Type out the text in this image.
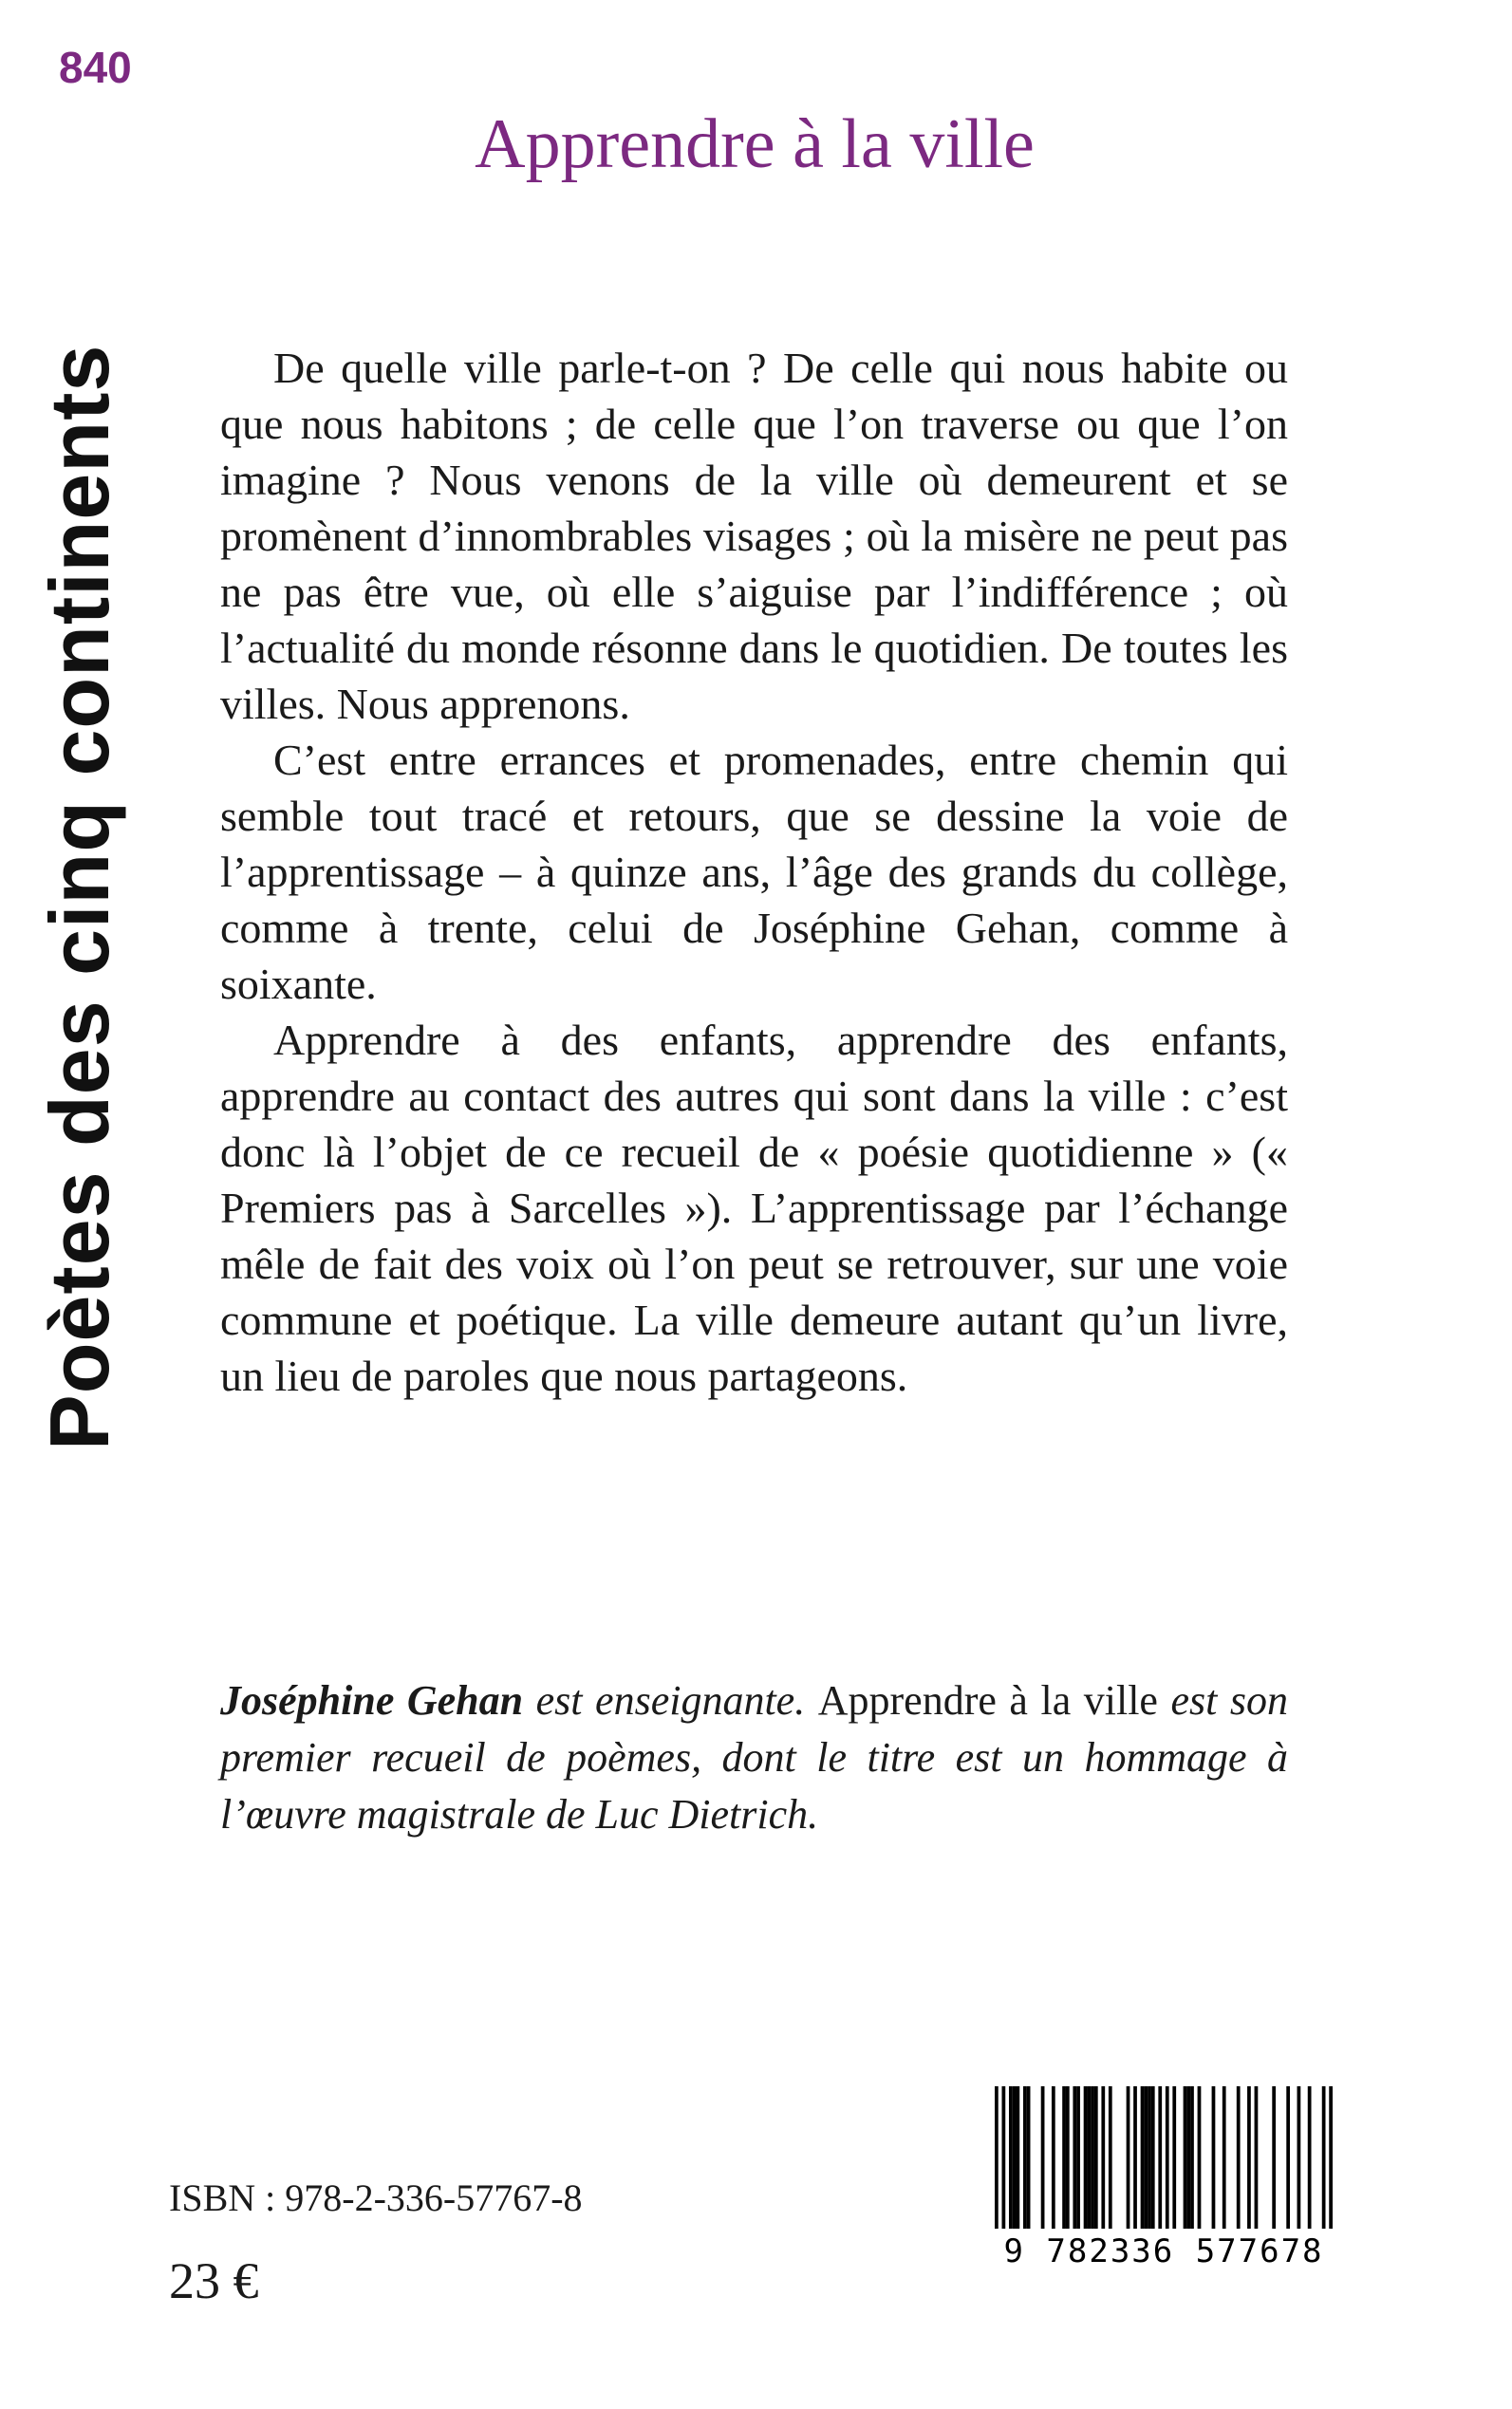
840
Poètes des cinq continents
Apprendre à la ville

De quelle ville parle-t-on ? De celle qui nous habite ou que nous habitons ; de celle que l’on traverse ou que l’on imagine ? Nous venons de la ville où demeurent et se promènent d’innombrables visages ; où la misère ne peut pas ne pas être vue, où elle s’aiguise par l’indifférence ; où l’actualité du monde résonne dans le quotidien. De toutes les villes. Nous apprenons.

C’est entre errances et promenades, entre chemin qui semble tout tracé et retours, que se dessine la voie de l’apprentissage – à quinze ans, l’âge des grands du collège, comme à trente, celui de Joséphine Gehan, comme à soixante.

Apprendre à des enfants, apprendre des enfants, apprendre au contact des autres qui sont dans la ville : c’est donc là l’objet de ce recueil de « poésie quotidienne » (« Premiers pas à Sarcelles »). L’apprentissage par l’échange mêle de fait des voix où l’on peut se retrouver, sur une voie commune et poétique. La ville demeure autant qu’un livre, un lieu de paroles que nous partageons.

Joséphine Gehan est enseignante. Apprendre à la ville est son premier recueil de poèmes, dont le titre est un hommage à l’œuvre magistrale de Luc Dietrich.
ISBN : 978-2-336-57767-8
23 €
9 782336 577678
